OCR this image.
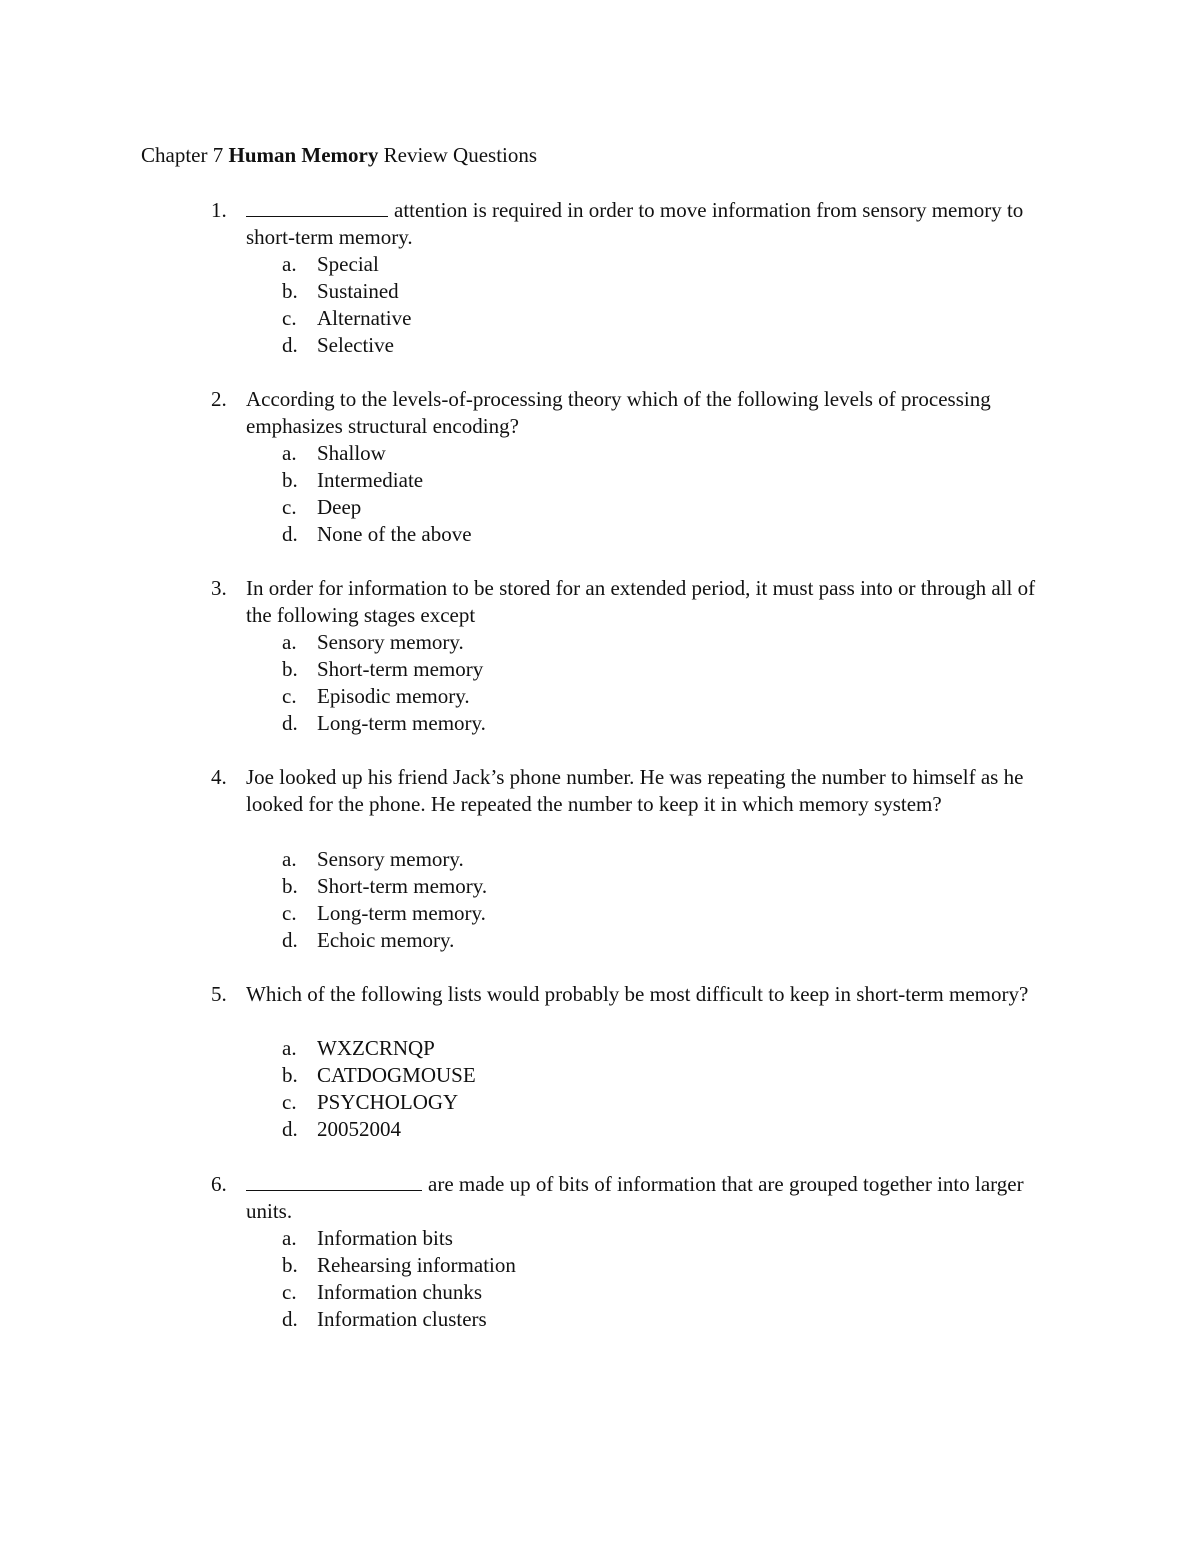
Chapter 7 Human Memory Review Questions
1.	attention is required in order to move information from sensory memory to short-term memory.
a. Special
b. Sustained
c. Alternative
d. Selective
2. According to the levels-of-processing theory which of the following levels of processing emphasizes structural encoding?
a. Shallow
b. Intermediate
c. Deep
d. None of the above
3. In order for information to be stored for an extended period, it must pass into or through all of the following stages except
a. Sensory memory.
b. Short-term memory
c. Episodic memory.
d. Long-term memory.
4. Joe looked up his friend Jack’s phone number. He was repeating the number to himself as he looked for the phone. He repeated the number to keep it in which memory system?
a. Sensory memory.
b. Short-term memory.
c. Long-term memory.
d. Echoic memory.
5. Which of the following lists would probably be most difficult to keep in short-term memory?
a. WXZCRNQP
b. CATDOGMOUSE
c. PSYCHOLOGY
d. 20052004
6.	are made up of bits of information that are grouped together into larger units.
a. Information bits
b. Rehearsing information
c. Information chunks
d. Information clusters
